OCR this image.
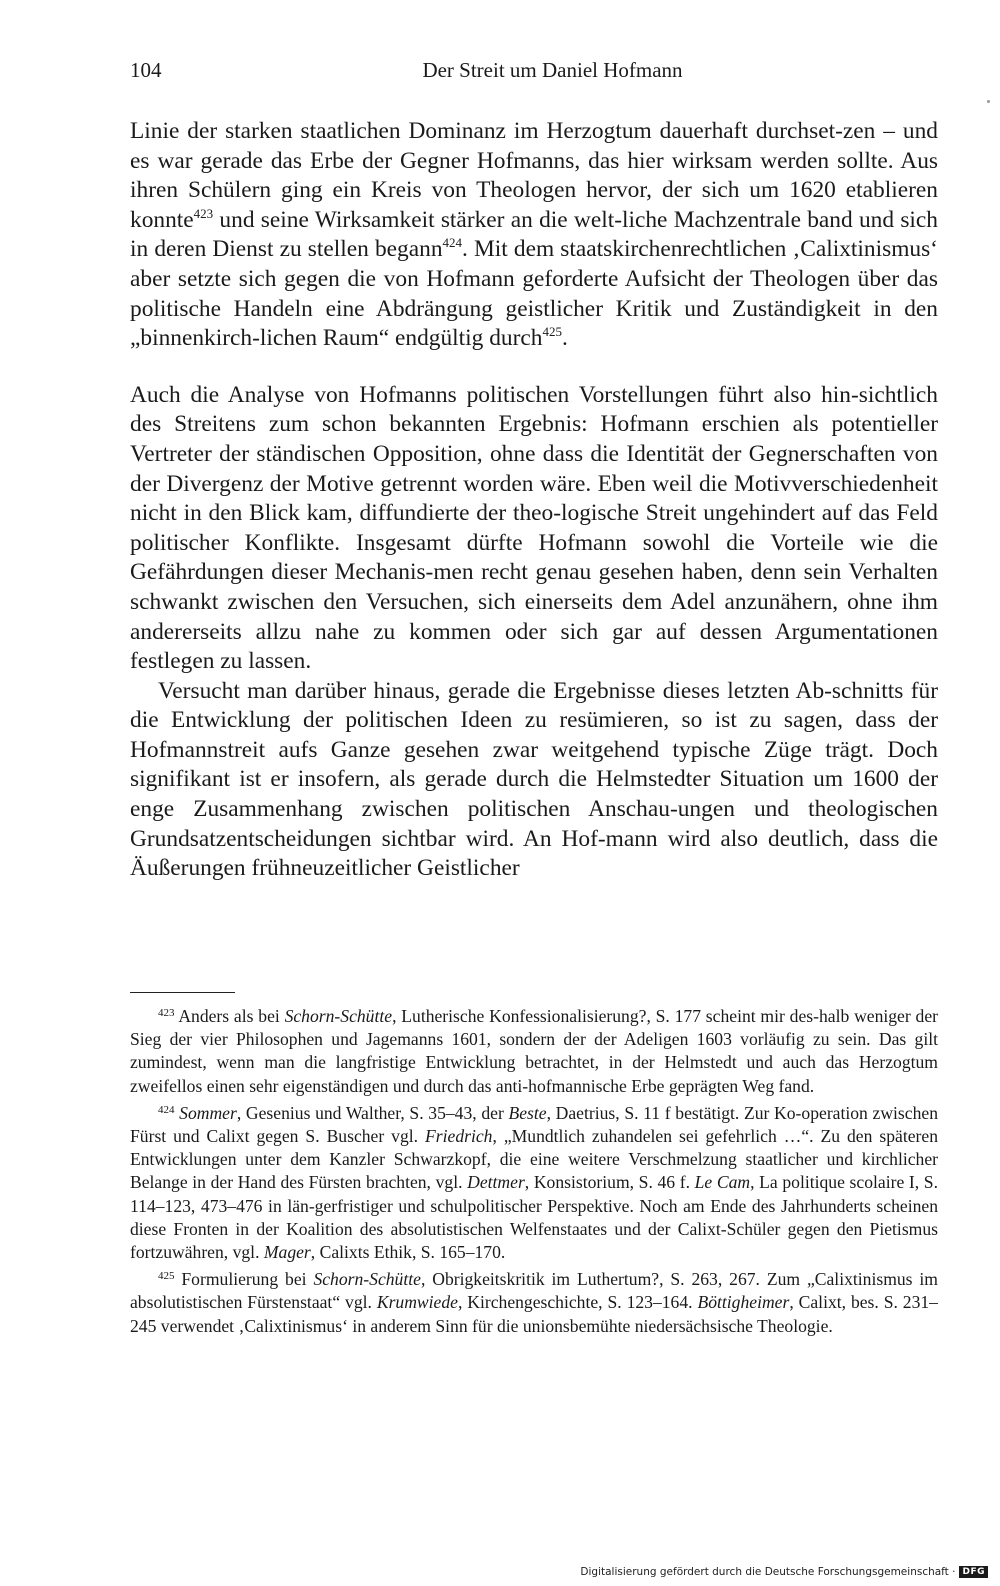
104	Der Streit um Daniel Hofmann

Linie der starken staatlichen Dominanz im Herzogtum dauerhaft durchset-zen – und es war gerade das Erbe der Gegner Hofmanns, das hier wirksam werden sollte. Aus ihren Schülern ging ein Kreis von Theologen hervor, der sich um 1620 etablieren konnte$^{423}$ und seine Wirksamkeit stärker an die welt-liche Machzentrale band und sich in deren Dienst zu stellen begann$^{424}$. Mit dem staatskirchenrechtlichen ‚Calixtinismus‘ aber setzte sich gegen die von Hofmann geforderte Aufsicht der Theologen über das politische Handeln eine Abdrängung geistlicher Kritik und Zuständigkeit in den „binnenkirch-lichen Raum“ endgültig durch$^{425}$.

Auch die Analyse von Hofmanns politischen Vorstellungen führt also hin-sichtlich des Streitens zum schon bekannten Ergebnis: Hofmann erschien als potentieller Vertreter der ständischen Opposition, ohne dass die Identität der Gegnerschaften von der Divergenz der Motive getrennt worden wäre. Eben weil die Motivverschiedenheit nicht in den Blick kam, diffundierte der theo-logische Streit ungehindert auf das Feld politischer Konflikte. Insgesamt dürfte Hofmann sowohl die Vorteile wie die Gefährdungen dieser Mechanis-men recht genau gesehen haben, denn sein Verhalten schwankt zwischen den Versuchen, sich einerseits dem Adel anzunähern, ohne ihm andererseits allzu nahe zu kommen oder sich gar auf dessen Argumentationen festlegen zu lassen.

Versucht man darüber hinaus, gerade die Ergebnisse dieses letzten Ab-schnitts für die Entwicklung der politischen Ideen zu resümieren, so ist zu sagen, dass der Hofmannstreit aufs Ganze gesehen zwar weitgehend typische Züge trägt. Doch signifikant ist er insofern, als gerade durch die Helmstedter Situation um 1600 der enge Zusammenhang zwischen politischen Anschau-ungen und theologischen Grundsatzentscheidungen sichtbar wird. An Hof-mann wird also deutlich, dass die Äußerungen frühneuzeitlicher Geistlicher

$^{423}$ Anders als bei Schorn-Schütte, Lutherische Konfessionalisierung?, S. 177 scheint mir des-halb weniger der Sieg der vier Philosophen und Jagemanns 1601, sondern der der Adeligen 1603 vorläufig zu sein. Das gilt zumindest, wenn man die langfristige Entwicklung betrachtet, in der Helmstedt und auch das Herzogtum zweifellos einen sehr eigenständigen und durch das anti-hofmannische Erbe geprägten Weg fand.

$^{424}$ Sommer, Gesenius und Walther, S. 35–43, der Beste, Daetrius, S. 11 f bestätigt. Zur Ko-operation zwischen Fürst und Calixt gegen S. Buscher vgl. Friedrich, „Mundtlich zuhandelen sei gefehrlich …“. Zu den späteren Entwicklungen unter dem Kanzler Schwarzkopf, die eine weitere Verschmelzung staatlicher und kirchlicher Belange in der Hand des Fürsten brachten, vgl. Dettmer, Konsistorium, S. 46 f. Le Cam, La politique scolaire I, S. 114–123, 473–476 in län-gerfristiger und schulpolitischer Perspektive. Noch am Ende des Jahrhunderts scheinen diese Fronten in der Koalition des absolutistischen Welfenstaates und der Calixt-Schüler gegen den Pietismus fortzuwähren, vgl. Mager, Calixts Ethik, S. 165–170.

$^{425}$ Formulierung bei Schorn-Schütte, Obrigkeitskritik im Luthertum?, S. 263, 267. Zum „Calixtinismus im absolutistischen Fürstenstaat“ vgl. Krumwiede, Kirchengeschichte, S. 123–164. Böttigheimer, Calixt, bes. S. 231–245 verwendet ‚Calixtinismus‘ in anderem Sinn für die unionsbemühte niedersächsische Theologie.

Digitalisierung gefördert durch die Deutsche Forschungsgemeinschaft · DFG
